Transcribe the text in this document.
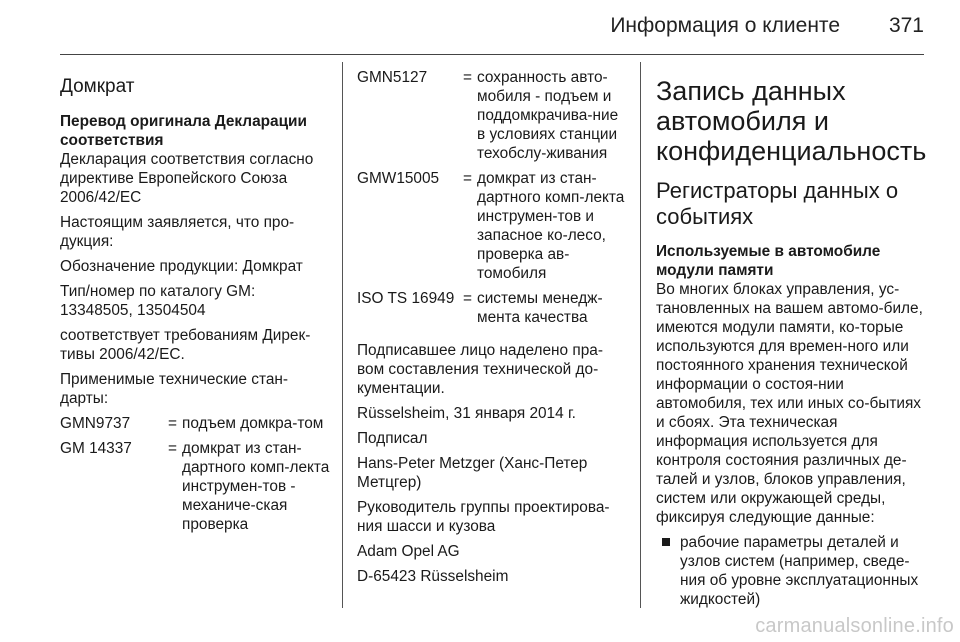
Информация о клиенте 371
Домкрат
Перевод оригинала Декларации соответствия

Декларация соответствия согласно директиве Европейского Союза 2006/42/EC

Настоящим заявляется, что про-дукция:

Обозначение продукции: Домкрат

Тип/номер по каталогу GM: 13348505, 13504504

соответствует требованиям Дирек-тивы 2006/42/EC.

Применимые технические стан-дарты:

GMN9737	= подъем домкра-том
GM 14337	= домкрат из стан-дартного комп-лекта инструмен-тов - механиче-ская проверка
GMN5127	= сохранность авто-мобиля - подъем и поддомкрачива-ние в условиях станции техобслу-живания
GMW15005	= домкрат из стан-дартного комп-лекта инструмен-тов и запасное ко-лесо, проверка ав-томобиля
ISO TS 16949 = системы менедж-мента качества

Подписавшее лицо наделено пра-вом составления технической до-кументации.

Rüsselsheim, 31 января 2014 г.

Подписал

Hans-Peter Metzger (Ханс-Петер Метцгер)

Руководитель группы проектирова-ния шасси и кузова

Adam Opel AG

D-65423 Rüsselsheim

Запись данных автомобиля и конфиденциальность
Регистраторы данных о событиях
Используемые в автомобиле модули памяти

Во многих блоках управления, ус-тановленных на вашем автомо-биле, имеются модули памяти, ко-торые используются для времен-ного или постоянного хранения технической информации о состоя-нии автомобиля, тех или иных со-бытиях и сбоях. Эта техническая информация используется для контроля состояния различных де-талей и узлов, блоков управления, систем или окружающей среды, фиксируя следующие данные:

рабочие параметры деталей и узлов систем (например, сведе-ния об уровне эксплуатационных жидкостей)
carmanualsonline.info
